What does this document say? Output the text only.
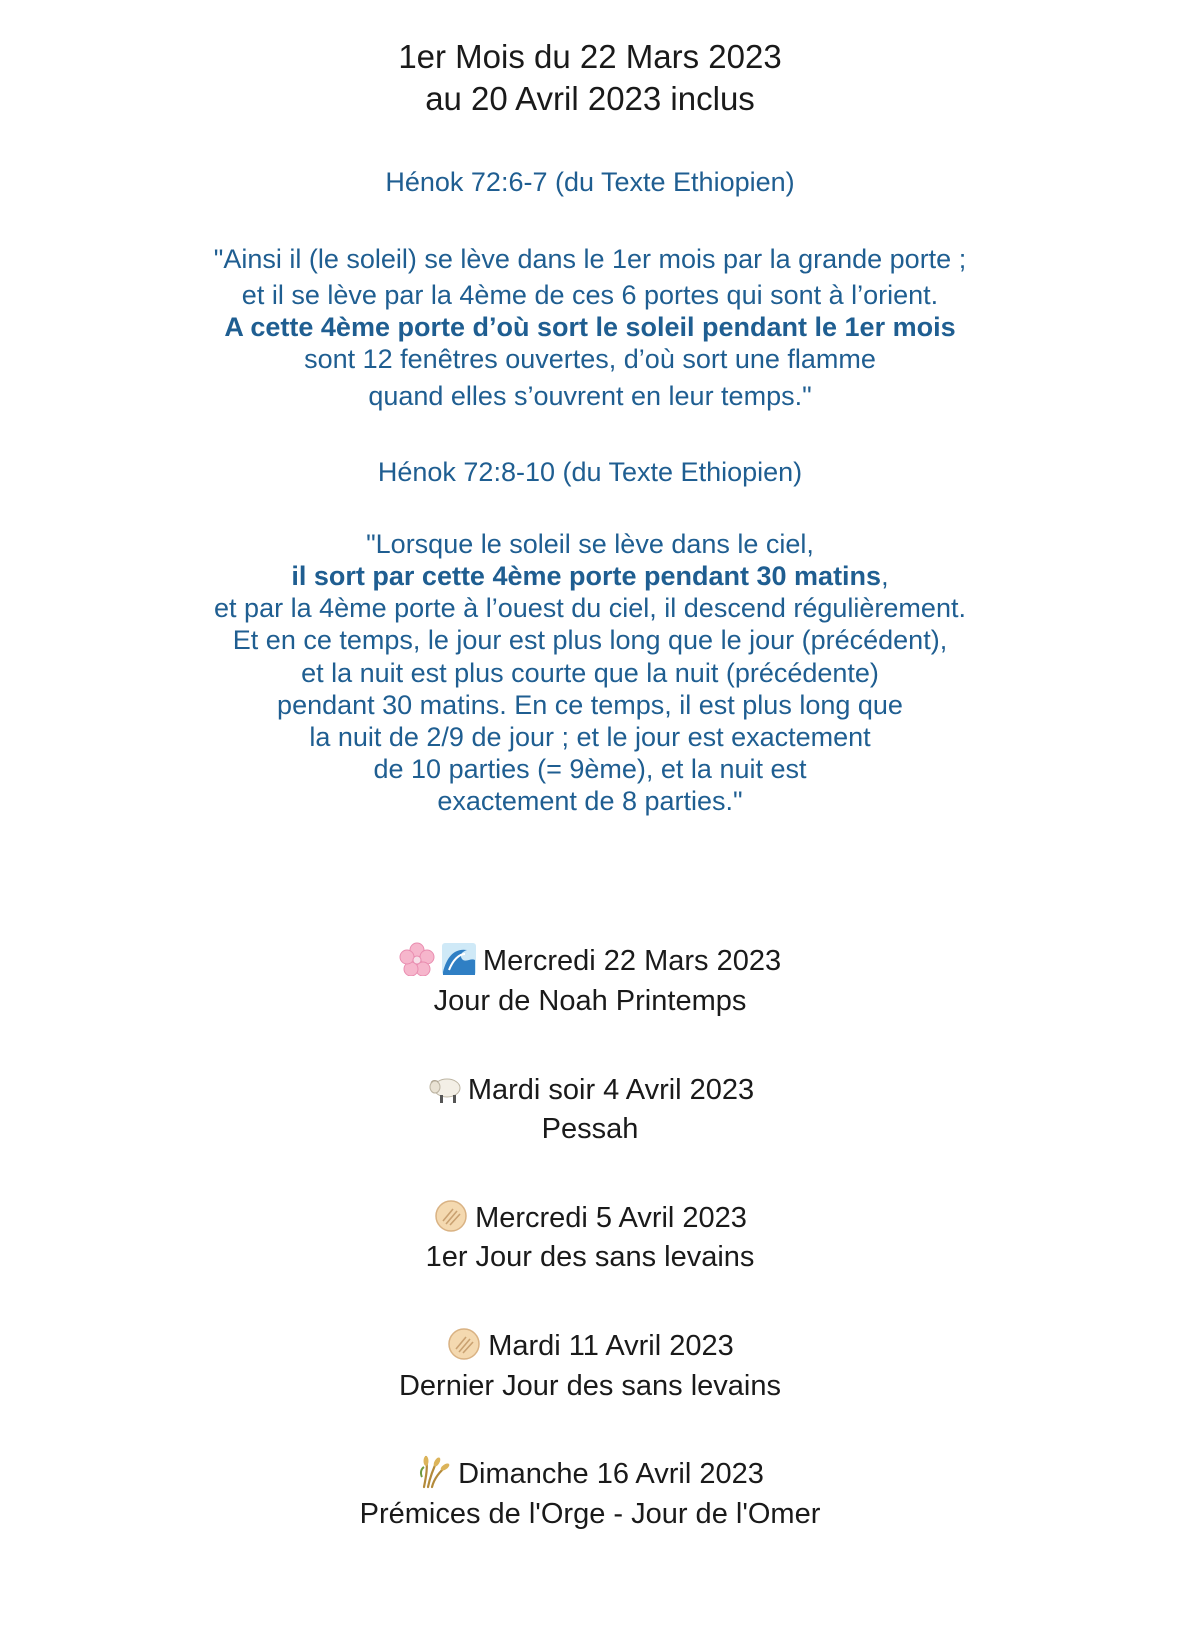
1er Mois du 22 Mars 2023
au 20 Avril 2023 inclus
Hénok 72:6-7 (du Texte Ethiopien)
"Ainsi il (le soleil) se lève dans le 1er mois par la grande porte ;
et il se lève par la 4ème de ces 6 portes qui sont à l’orient.
A cette 4ème porte d’où sort le soleil pendant le 1er mois
sont 12 fenêtres ouvertes, d’où sort une flamme
quand elles s’ouvrent en leur temps."
Hénok 72:8-10 (du Texte Ethiopien)
"Lorsque le soleil se lève dans le ciel,
il sort par cette 4ème porte pendant 30 matins,
et par la 4ème porte à l’ouest du ciel, il descend régulièrement.
Et en ce temps, le jour est plus long que le jour (précédent),
et la nuit est plus courte que la nuit (précédente)
pendant 30 matins. En ce temps, il est plus long que
la nuit de 2/9 de jour ; et le jour est exactement
de 10 parties (= 9ème), et la nuit est
exactement de 8 parties."
Mercredi 22 Mars 2023
Jour de Noah Printemps
Mardi soir 4 Avril 2023
Pessah
Mercredi 5 Avril 2023
1er Jour des sans levains
Mardi 11 Avril 2023
Dernier Jour des sans levains
Dimanche 16 Avril 2023
Prémices de l'Orge - Jour de l'Omer
